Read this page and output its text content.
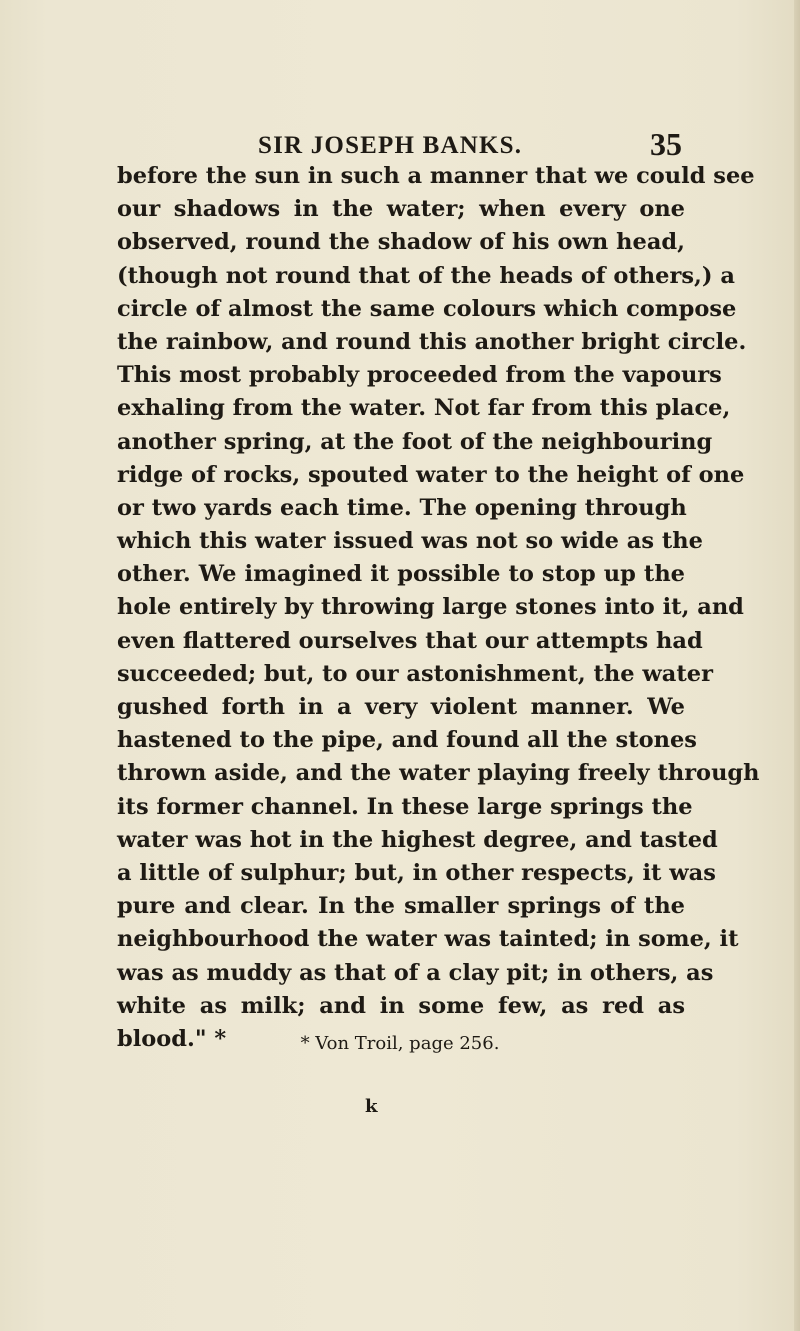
SIR JOSEPH BANKS.	35
before the sun in such a manner that we could see
our shadows in the water; when every one
observed, round the shadow of his own head,
(though not round that of the heads of others,) a
circle of almost the same colours which compose
the rainbow, and round this another bright circle.
This most probably proceeded from the vapours
exhaling from the water. Not far from this place,
another spring, at the foot of the neighbouring
ridge of rocks, spouted water to the height of one
or two yards each time. The opening through
which this water issued was not so wide as the
other. We imagined it possible to stop up the
hole entirely by throwing large stones into it, and
even flattered ourselves that our attempts had
succeeded; but, to our astonishment, the water
gushed forth in a very violent manner. We
hastened to the pipe, and found all the stones
thrown aside, and the water playing freely through
its former channel. In these large springs the
water was hot in the highest degree, and tasted
a little of sulphur; but, in other respects, it was
pure and clear. In the smaller springs of the
neighbourhood the water was tainted; in some, it
was as muddy as that of a clay pit; in others, as
white as milk; and in some few, as red as
blood." *	* Von Troil, page 256.
k
